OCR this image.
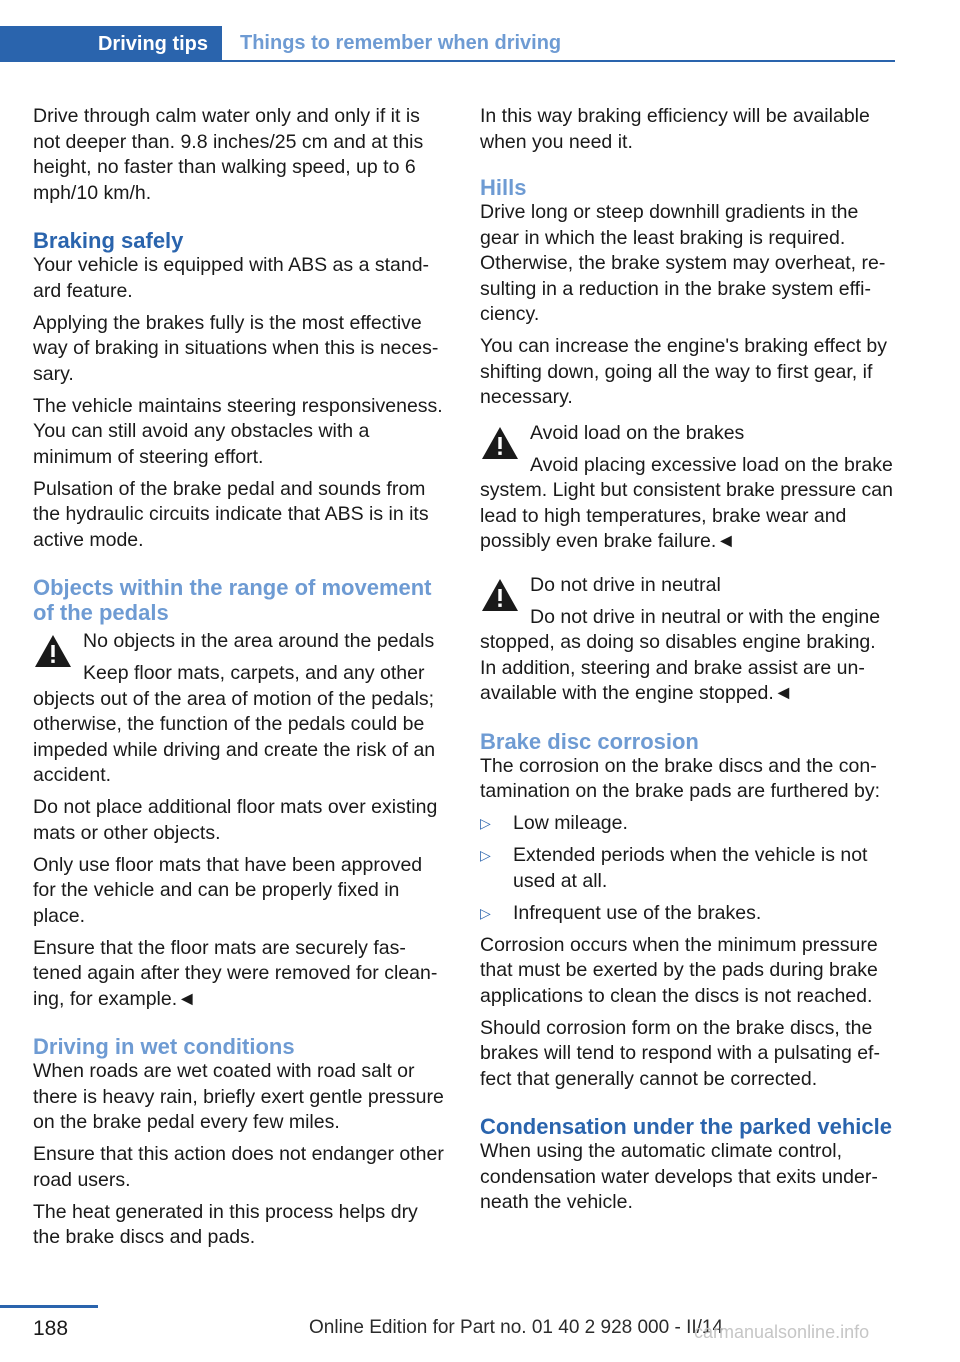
Driving tips	Things to remember when driving

Drive through calm water only and only if it is not deeper than. 9.8 inches/25 cm and at this height, no faster than walking speed, up to 6 mph/10 km/h.

Braking safely

Your vehicle is equipped with ABS as a standard feature.

Applying the brakes fully is the most effective way of braking in situations when this is necessary.

The vehicle maintains steering responsiveness. You can still avoid any obstacles with a minimum of steering effort.

Pulsation of the brake pedal and sounds from the hydraulic circuits indicate that ABS is in its active mode.

Objects within the range of movement of the pedals
No objects in the area around the pedals

Keep floor mats, carpets, and any other objects out of the area of motion of the pedals; otherwise, the function of the pedals could be impeded while driving and create the risk of an accident.

Do not place additional floor mats over existing mats or other objects.

Only use floor mats that have been approved for the vehicle and can be properly fixed in place.

Ensure that the floor mats are securely fastened again after they were removed for cleaning, for example.◄

Driving in wet conditions

When roads are wet coated with road salt or there is heavy rain, briefly exert gentle pressure on the brake pedal every few miles.

Ensure that this action does not endanger other road users.

The heat generated in this process helps dry the brake discs and pads.

In this way braking efficiency will be available when you need it.

Hills

Drive long or steep downhill gradients in the gear in which the least braking is required. Otherwise, the brake system may overheat, resulting in a reduction in the brake system efficiency.

You can increase the engine's braking effect by shifting down, going all the way to first gear, if necessary.

Avoid load on the brakes

Avoid placing excessive load on the brake system. Light but consistent brake pressure can lead to high temperatures, brake wear and possibly even brake failure.◄

Do not drive in neutral

Do not drive in neutral or with the engine stopped, as doing so disables engine braking. In addition, steering and brake assist are unavailable with the engine stopped.◄

Brake disc corrosion

The corrosion on the brake discs and the contamination on the brake pads are furthered by:

▷ Low mileage.
▷ Extended periods when the vehicle is not used at all.
▷ Infrequent use of the brakes.

Corrosion occurs when the minimum pressure that must be exerted by the pads during brake applications to clean the discs is not reached.

Should corrosion form on the brake discs, the brakes will tend to respond with a pulsating effect that generally cannot be corrected.

Condensation under the parked vehicle

When using the automatic climate control, condensation water develops that exits underneath the vehicle.

188	Online Edition for Part no. 01 40 2 928 000 - II/14
carmanualsonline.info
